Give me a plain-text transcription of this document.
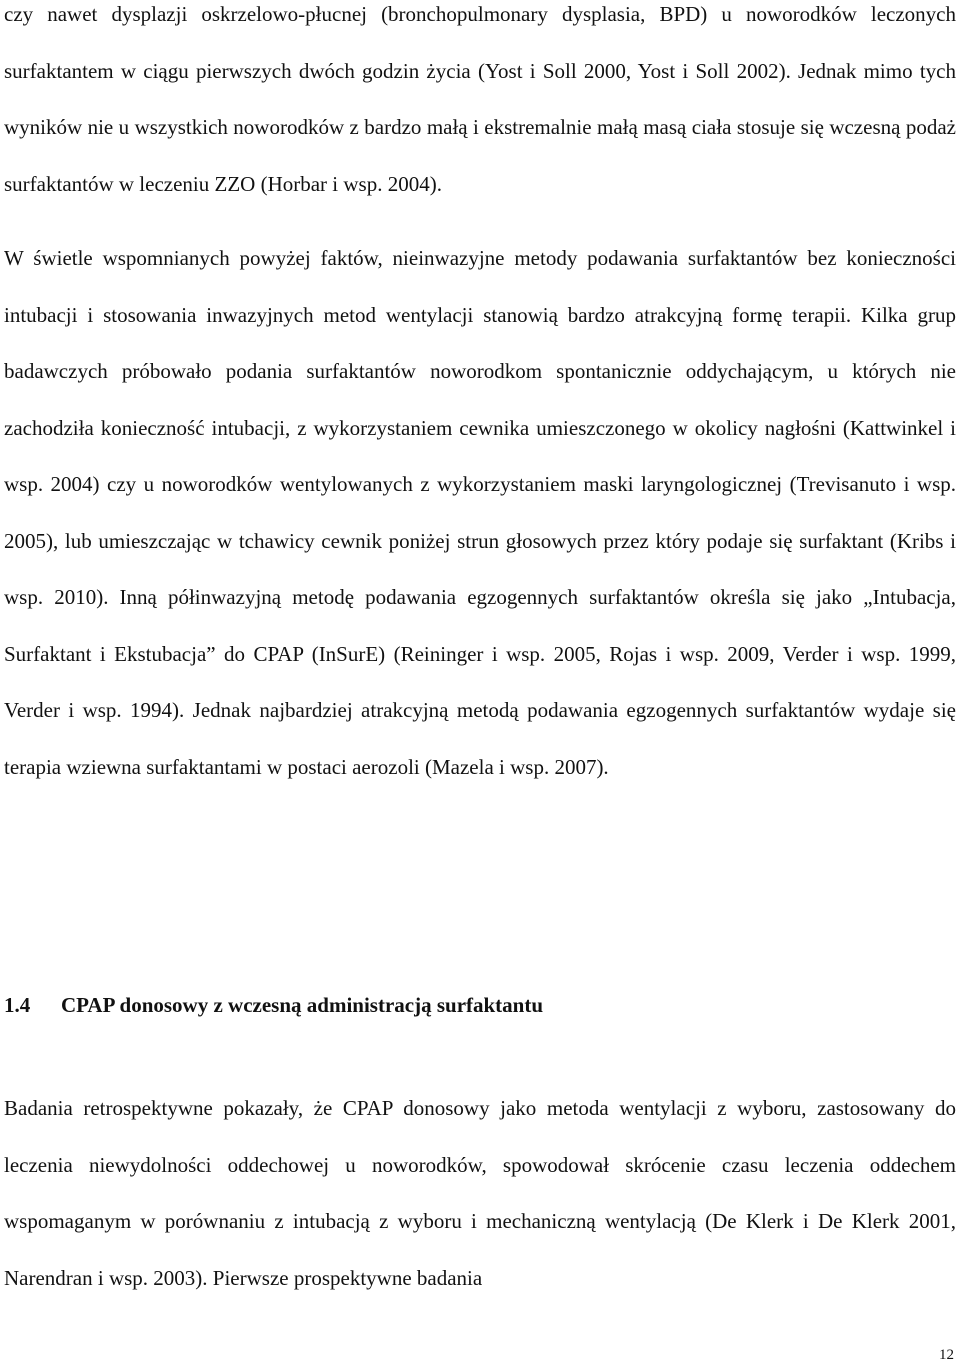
czy nawet dysplazji oskrzelowo-płucnej (bronchopulmonary dysplasia, BPD) u noworodków leczonych surfaktantem w ciągu pierwszych dwóch godzin życia (Yost i Soll 2000, Yost i Soll 2002). Jednak mimo tych wyników nie u wszystkich noworodków z bardzo małą i ekstremalnie małą masą ciała stosuje się wczesną podaż surfaktantów w leczeniu ZZO (Horbar i wsp. 2004).

W świetle wspomnianych powyżej faktów, nieinwazyjne metody podawania surfaktantów bez konieczności intubacji i stosowania inwazyjnych metod wentylacji stanowią bardzo atrakcyjną formę terapii. Kilka grup badawczych próbowało podania surfaktantów noworodkom spontanicznie oddychającym, u których nie zachodziła konieczność intubacji, z wykorzystaniem cewnika umieszczonego w okolicy nagłośni (Kattwinkel i wsp. 2004) czy u noworodków wentylowanych z wykorzystaniem maski laryngologicznej (Trevisanuto i wsp. 2005), lub umieszczając w tchawicy cewnik poniżej strun głosowych przez który podaje się surfaktant (Kribs i wsp. 2010). Inną półinwazyjną metodę podawania egzogennych surfaktantów określa się jako „Intubacja, Surfaktant i Ekstubacja” do CPAP (InSurE) (Reininger i wsp. 2005, Rojas i wsp. 2009, Verder i wsp. 1999, Verder i wsp. 1994). Jednak najbardziej atrakcyjną metodą podawania egzogennych surfaktantów wydaje się terapia wziewna surfaktantami w postaci aerozoli (Mazela i wsp. 2007).

1.4 CPAP donosowy z wczesną administracją surfaktantu

Badania retrospektywne pokazały, że CPAP donosowy jako metoda wentylacji z wyboru, zastosowany do leczenia niewydolności oddechowej u noworodków, spowodował skrócenie czasu leczenia oddechem wspomaganym w porównaniu z intubacją z wyboru i mechaniczną wentylacją (De Klerk i De Klerk 2001, Narendran i wsp. 2003). Pierwsze prospektywne badania

12
